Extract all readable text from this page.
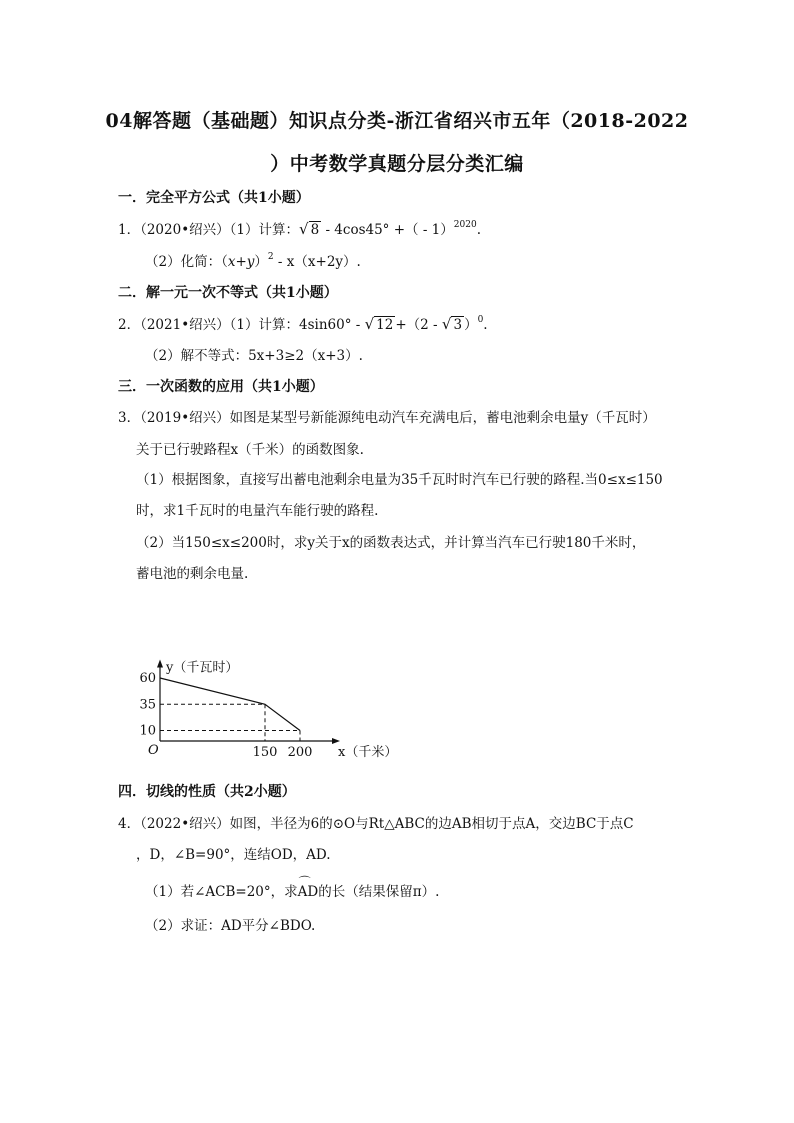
04解答题（基础题）知识点分类-浙江省绍兴市五年（2018-2022
）中考数学真题分层分类汇编
一．完全平方公式（共1小题）
1．（2020•绍兴）（1）计算：√ 8 - 4cos45° +（ - 1）$^{2020}$.
（2）化简：$(x+y)^2 - x(x+2y)$.
二．解一元一次不等式（共1小题）
2．（2021•绍兴）（1）计算：4sin60° - √ 12 +（2 - √ 3 ）$^0$.
（2）解不等式：5x+3≥2（x+3）.
三．一次函数的应用（共1小题）
3．（2019•绍兴）如图是某型号新能源纯电动汽车充满电后，蓄电池剩余电量y（千瓦时）
关于已行驶路程x（千米）的函数图象.
（1）根据图象，直接写出蓄电池剩余电量为35千瓦时时汽车已行驶的路程.当0≤x≤150
时，求1千瓦时的电量汽车能行驶的路程.
（2）当150≤x≤200时，求y关于x的函数表达式，并计算当汽车已行驶180千米时，
蓄电池的剩余电量.
60
35
10
150 200
O
y（千瓦时）
x（千米）
四．切线的性质（共2小题）
4．（2022•绍兴）如图，半径为6的⊙O与Rt△ABC的边AB相切于点A，交边BC于点C
，D，∠B=90°，连结OD，AD.
（1）若∠ACB=20°，求⌒ AD的长（结果保留π）.
（2）求证：AD平分∠BDO.
